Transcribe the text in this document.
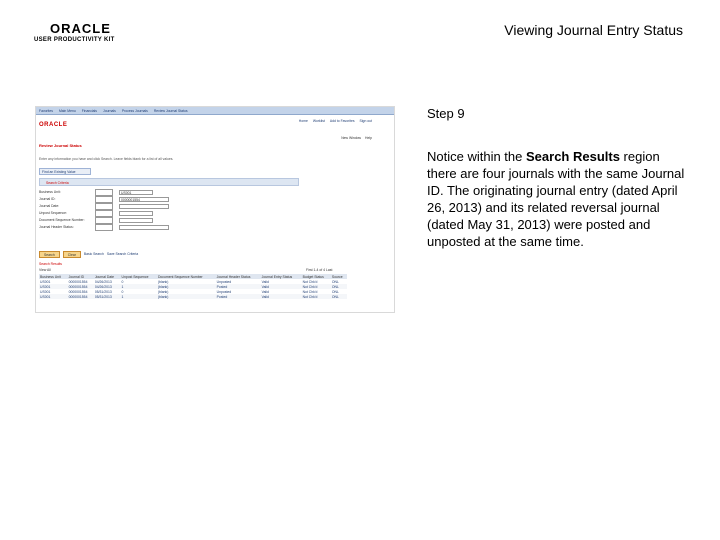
ORACLE
USER PRODUCTIVITY KIT
Viewing Journal Entry Status
Favorites Main Menu Financials Journals Process Journals Review Journal Status
ORACLE
Home Worklist Add to Favorites Sign out
New Window Help
Review Journal Status
Enter any information you have and click Search. Leave fields blank for a list of all values.
Find an Existing Value
Search Criteria
Business Unit:	US001
Journal ID:	0000001554
Journal Date:
Unpost Sequence:
Document Sequence Number:
Journal Header Status:
Search	Clear	Basic Search Save Search Criteria
Search Results
View All	First 1-4 of 4 Last
Business Unit	Journal ID	Journal Date	Unpost Sequence	Document Sequence Number	Journal Header Status	Journal Entry Status	Budget Status	Source
US001	0000001554	04/26/2013	0	(blank)	Unposted	Valid	Not Chk'd	ONL
US001	0000001554	04/26/2013	1	(blank)	Posted	Valid	Not Chk'd	ONL
US001	0000001554	05/31/2013	0	(blank)	Unposted	Valid	Not Chk'd	ONL
US001	0000001554	05/31/2013	1	(blank)	Posted	Valid	Not Chk'd	ONL
Step 9
Notice within the Search Results region there are four journals with the same Journal ID. The originating journal entry (dated April 26, 2013) and its related reversal journal (dated May 31, 2013) were posted and unposted at the same time.
